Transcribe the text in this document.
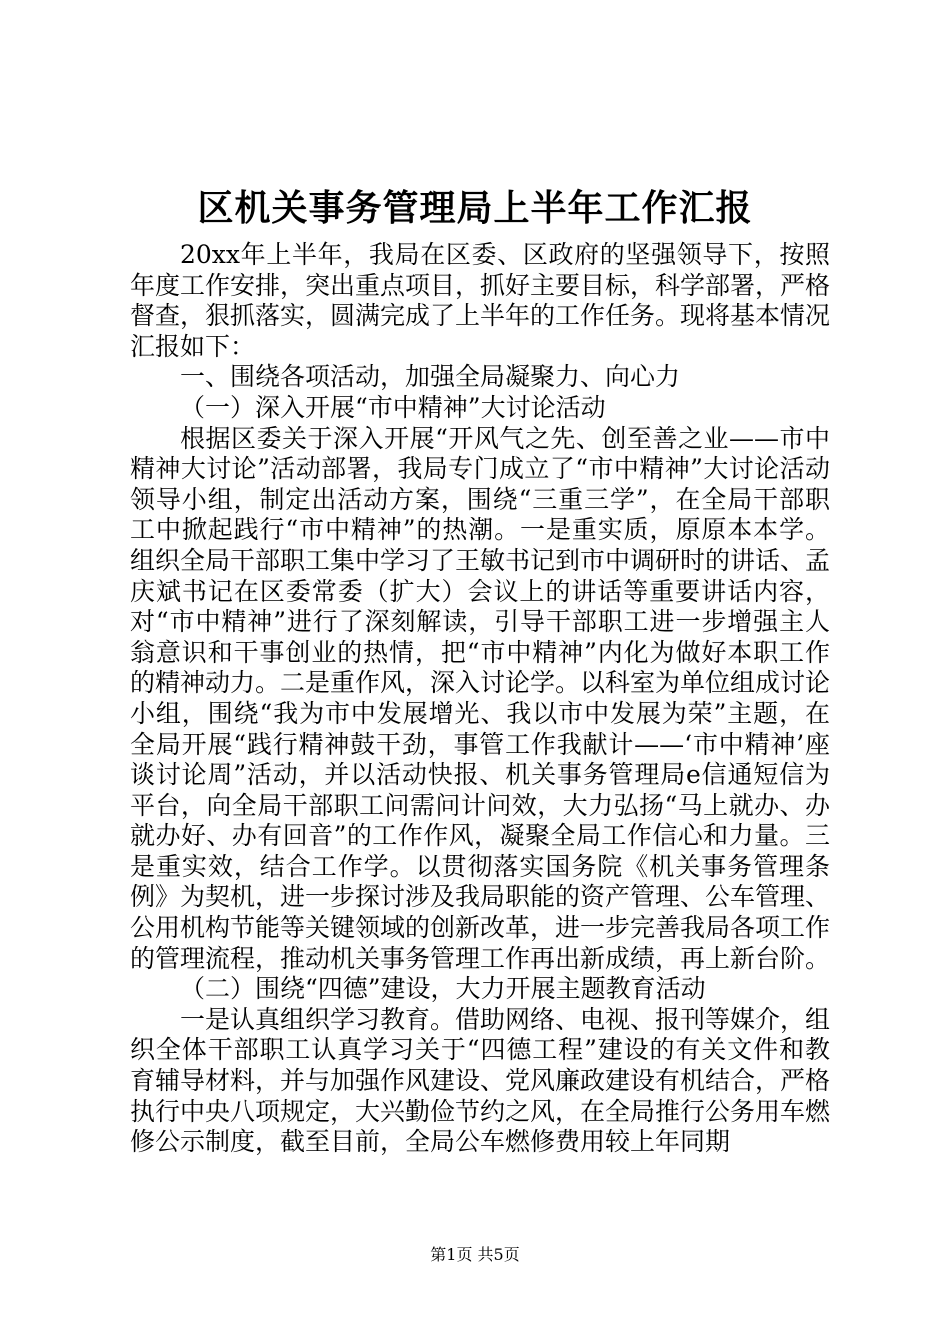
区机关事务管理局上半年工作汇报

20xx年上半年，我局在区委、区政府的坚强领导下，按照年度工作安排，突出重点项目，抓好主要目标，科学部署，严格督查，狠抓落实，圆满完成了上半年的工作任务。现将基本情况汇报如下：

一、围绕各项活动，加强全局凝聚力、向心力

（一）深入开展“市中精神”大讨论活动

根据区委关于深入开展“开风气之先、创至善之业——市中精神大讨论”活动部署，我局专门成立了“市中精神”大讨论活动领导小组，制定出活动方案，围绕“三重三学”，在全局干部职工中掀起践行“市中精神”的热潮。一是重实质，原原本本学。组织全局干部职工集中学习了王敏书记到市中调研时的讲话、孟庆斌书记在区委常委（扩大）会议上的讲话等重要讲话内容，对“市中精神”进行了深刻解读，引导干部职工进一步增强主人翁意识和干事创业的热情，把“市中精神”内化为做好本职工作的精神动力。二是重作风，深入讨论学。以科室为单位组成讨论小组，围绕“我为市中发展增光、我以市中发展为荣”主题，在全局开展“践行精神鼓干劲，事管工作我献计——‘市中精神’座谈讨论周”活动，并以活动快报、机关事务管理局e信通短信为平台，向全局干部职工问需问计问效，大力弘扬“马上就办、办就办好、办有回音”的工作作风，凝聚全局工作信心和力量。三是重实效，结合工作学。以贯彻落实国务院《机关事务管理条例》为契机，进一步探讨涉及我局职能的资产管理、公车管理、公用机构节能等关键领域的创新改革，进一步完善我局各项工作的管理流程，推动机关事务管理工作再出新成绩，再上新台阶。

（二）围绕“四德”建设，大力开展主题教育活动

一是认真组织学习教育。借助网络、电视、报刊等媒介，组织全体干部职工认真学习关于“四德工程”建设的有关文件和教育辅导材料，并与加强作风建设、党风廉政建设有机结合，严格执行中央八项规定，大兴勤俭节约之风，在全局推行公务用车燃修公示制度，截至目前，全局公车燃修费用较上年同期

第1页 共5页
